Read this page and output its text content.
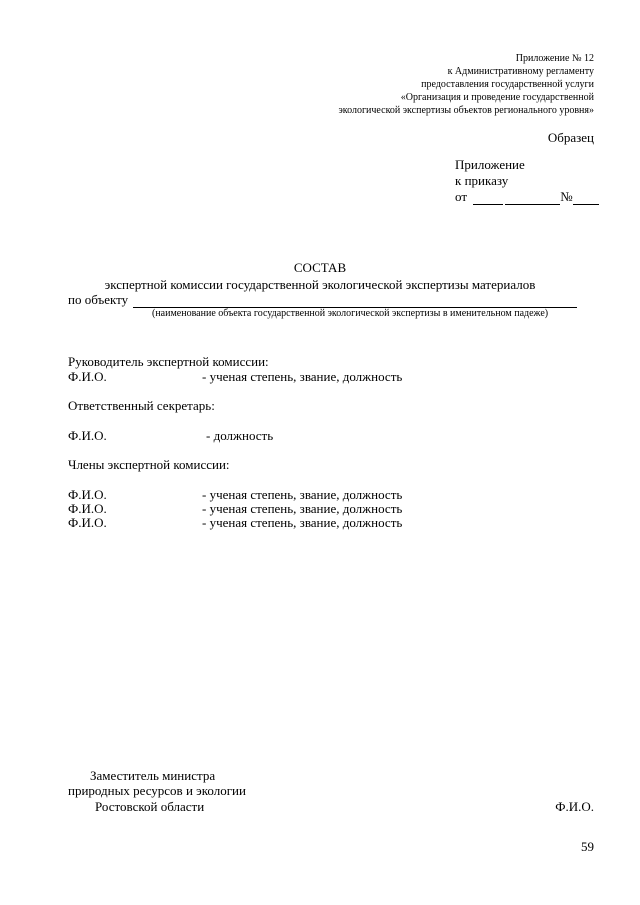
Приложение № 12
к Административному регламенту
предоставления государственной услуги
«Организация и проведение государственной
экологической экспертизы объектов регионального уровня»
Образец
Приложение
к приказу
от	№
СОСТАВ
экспертной комиссии государственной экологической экспертизы материалов
по объекту
(наименование объекта государственной экологической экспертизы в именительном падеже)
Руководитель экспертной комиссии:
Ф.И.О.	- ученая степень, звание, должность
Ответственный секретарь:
Ф.И.О.	- должность
Члены экспертной комиссии:
Ф.И.О.	- ученая степень, звание, должность
Ф.И.О.	- ученая степень, звание, должность
Ф.И.О.	- ученая степень, звание, должность
Заместитель министра
природных ресурсов и экологии
Ростовской области	Ф.И.О.
59
